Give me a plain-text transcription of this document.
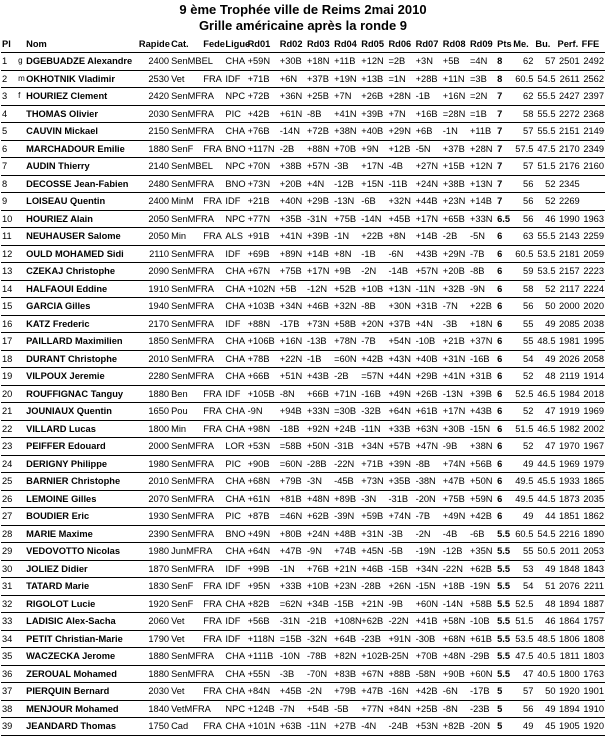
9 ème Trophée ville de Reims 2mai 2010
Grille américaine après la ronde 9
Pl		Nom	Rapide	Cat.	Fede	Ligue	Rd01	Rd02	Rd03	Rd04	Rd05	Rd06	Rd07	Rd08	Rd09	Pts	Me.	Bu.	Perf.	FFE
1	g	DGEBUADZE Alexandre	2400	SenMBEL		CHA	+59N	+30B	+18N	+11B	+12N	=2B	+3N	+5B	=4N	8	62	57	2501	2492
2	m	OKHOTNIK Vladimir	2530	Vet	FRA	IDF	+71B	+6N	+37B	+19N	+13B	=1N	+28B	+11N	=3B	8	60.5	54.5	2611	2562
3	f	HOURIEZ Clement	2420	SenMFRA		NPC	+72B	+36N	+25B	+7N	+26B	+28N	-1B	+16N	=2N	7	62	55.5	2427	2397
4		THOMAS Olivier	2030	SenMFRA		PIC	+42B	+61N	-8B	+41N	+39B	+7N	+16B	=28N	=1B	7	58	55.5	2272	2368
5		CAUVIN Mickael	2150	SenMFRA		CHA	+76B	-14N	+72B	+38N	+40B	+29N	+6B	-1N	+11B	7	57	55.5	2151	2149
6		MARCHADOUR Emilie	1880	SenF	FRA	BNO	+117N	-2B	+88N	+70B	+9N	+12B	-5N	+37B	+28N	7	57.5	47.5	2170	2349
7		AUDIN Thierry	2140	SenMBEL		NPC	+70N	+38B	+57N	-3B	+17N	-4B	+27N	+15B	+12N	7	57	51.5	2176	2160
8		DECOSSE Jean-Fabien	2480	SenMFRA		BNO	+73N	+20B	+4N	-12B	+15N	-11B	+24N	+38B	+13N	7	56	52	2345	
9		LOISEAU Quentin	2400	MinM	FRA	IDF	+21B	+40N	+29B	-13N	-6B	+32N	+44B	+23N	+14B	7	56	52	2269	
10		HOURIEZ Alain	2050	SenMFRA		NPC	+77N	+35B	-31N	+75B	-14N	+45B	+17N	+65B	+33N	6.5	56	46	1990	1963
11		NEUHAUSER Salome	2050	Min	FRA	ALS	+91B	+41N	+39B	-1N	+22B	+8N	+14B	-2B	-5N	6	63	55.5	2143	2259
12		OULD MOHAMED Sidi	2110	SenMFRA		IDF	+69B	+89N	+14B	+8N	-1B	-6N	+43B	+29N	-7B	6	60.5	53.5	2181	2059
13		CZEKAJ Christophe	2090	SenMFRA		CHA	+67N	+75B	+17N	+9B	-2N	-14B	+57N	+20B	-8B	6	59	53.5	2157	2223
14		HALFAOUI Eddine	1910	SenMFRA		CHA	+102N	+5B	-12N	+52B	+10B	+13N	-11N	+32B	-9N	6	58	52	2117	2224
15		GARCIA Gilles	1940	SenMFRA		CHA	+103B	+34N	+46B	+32N	-8B	+30N	+31B	-7N	+22B	6	56	50	2000	2020
16		KATZ Frederic	2170	SenMFRA		IDF	+88N	-17B	+73N	+58B	+20N	+37B	+4N	-3B	+18N	6	55	49	2085	2038
17		PAILLARD Maximilien	1850	SenMFRA		CHA	+106B	+16N	-13B	+78N	-7B	+54N	-10B	+21B	+37N	6	55	48.5	1981	1995
18		DURANT Christophe	2010	SenMFRA		CHA	+78B	+22N	-1B	=60N	+42B	+43N	+40B	+31N	-16B	6	54	49	2026	2058
19		VILPOUX Jeremie	2280	SenMFRA		CHA	+66B	+51N	+43B	-2B	=57N	+44N	+29B	+41N	+31B	6	52	48	2119	1914
20		ROUFFIGNAC Tanguy	1880	Ben	FRA	IDF	+105B	-8N	+66B	+71N	-16B	+49N	+26B	-13N	+39B	6	52.5	46.5	1984	2018
21		JOUNIAUX Quentin	1650	Pou	FRA	CHA	-9N	+94B	+33N	=30B	-32B	+64N	+61B	+17N	+43B	6	52	47	1919	1969
22		VILLARD Lucas	1800	Min	FRA	CHA	+98N	-18B	+92N	+24B	-11N	+33B	+63N	+30B	-15N	6	51.5	46.5	1982	2002
23		PEIFFER Edouard	2000	SenMFRA		LOR	+53N	=58B	+50N	-31B	+34N	+57B	+47N	-9B	+38N	6	52	47	1970	1967
24		DERIGNY Philippe	1980	SenMFRA		PIC	+90B	=60N	-28B	-22N	+71B	+39N	-8B	+74N	+56B	6	49	44.5	1969	1979
25		BARNIER Christophe	2010	SenMFRA		CHA	+68N	+79B	-3N	-45B	+73N	+35B	-38N	+47B	+50N	6	49.5	45.5	1933	1865
26		LEMOINE Gilles	2070	SenMFRA		CHA	+61N	+81B	+48N	+89B	-3N	-31B	-20N	+75B	+59N	6	49.5	44.5	1873	2035
27		BOUDIER Eric	1930	SenMFRA		PIC	+87B	=46N	+62B	-39N	+59B	+74N	-7B	+49N	+42B	6	49	44	1851	1862
28		MARIE Maxime	2390	SenMFRA		BNO	+49N	+80B	+24N	+48B	+31N	-3B	-2N	-4B	-6B	5.5	60.5	54.5	2216	1890
29		VEDOVOTTO Nicolas	1980	JunMFRA		CHA	+64N	+47B	-9N	+74B	+45N	-5B	-19N	-12B	+35N	5.5	55	50.5	2011	2053
30		JOLIEZ Didier	1870	SenMFRA		IDF	+99B	-1N	+76B	+21N	+46B	-15B	+34N	-22N	+62B	5.5	53	49	1848	1843
31		TATARD Marie	1830	SenF	FRA	IDF	+95N	+33B	+10B	+23N	-28B	+26N	-15N	+18B	-19N	5.5	54	51	2076	2211
32		RIGOLOT Lucie	1920	SenF	FRA	CHA	+82B	=62N	+34B	-15B	+21N	-9B	+60N	-14N	+58B	5.5	52.5	48	1894	1887
33		LADISIC Alex-Sacha	2060	Vet	FRA	IDF	+56B	-31N	-21B	+108N	+62B	-22N	+41B	+58N	-10B	5.5	51.5	46	1864	1757
34		PETIT Christian-Marie	1790	Vet	FRA	IDF	+118N	=15B	-32N	+64B	-23B	+91N	-30B	+68N	+61B	5.5	53.5	48.5	1806	1808
35		WACZECKA Jerome	1880	SenMFRA		CHA	+111B	-10N	-78B	+82N	+102B	-25N	+70B	+48N	-29B	5.5	47.5	40.5	1811	1803
36		ZEROUAL Mohamed	1880	SenMFRA		CHA	+55N	-3B	-70N	+83B	+67N	+88B	-58N	+90B	+60N	5.5	47	40.5	1800	1763
37		PIERQUIN Bernard	2030	Vet	FRA	CHA	+84N	+45B	-2N	+79B	+47B	-16N	+42B	-6N	-17B	5	57	50	1920	1901
38		MENJOUR Mohamed	1840	VetMFRA		NPC	+124B	-7N	+54B	-5B	+77N	+84N	+25B	-8N	-23B	5	56	49	1894	1910
39		JEANDARD Thomas	1750	Cad	FRA	CHA	+101N	+63B	-11N	+27B	-4N	-24B	+53N	+82B	-20N	5	49	45	1905	1920
